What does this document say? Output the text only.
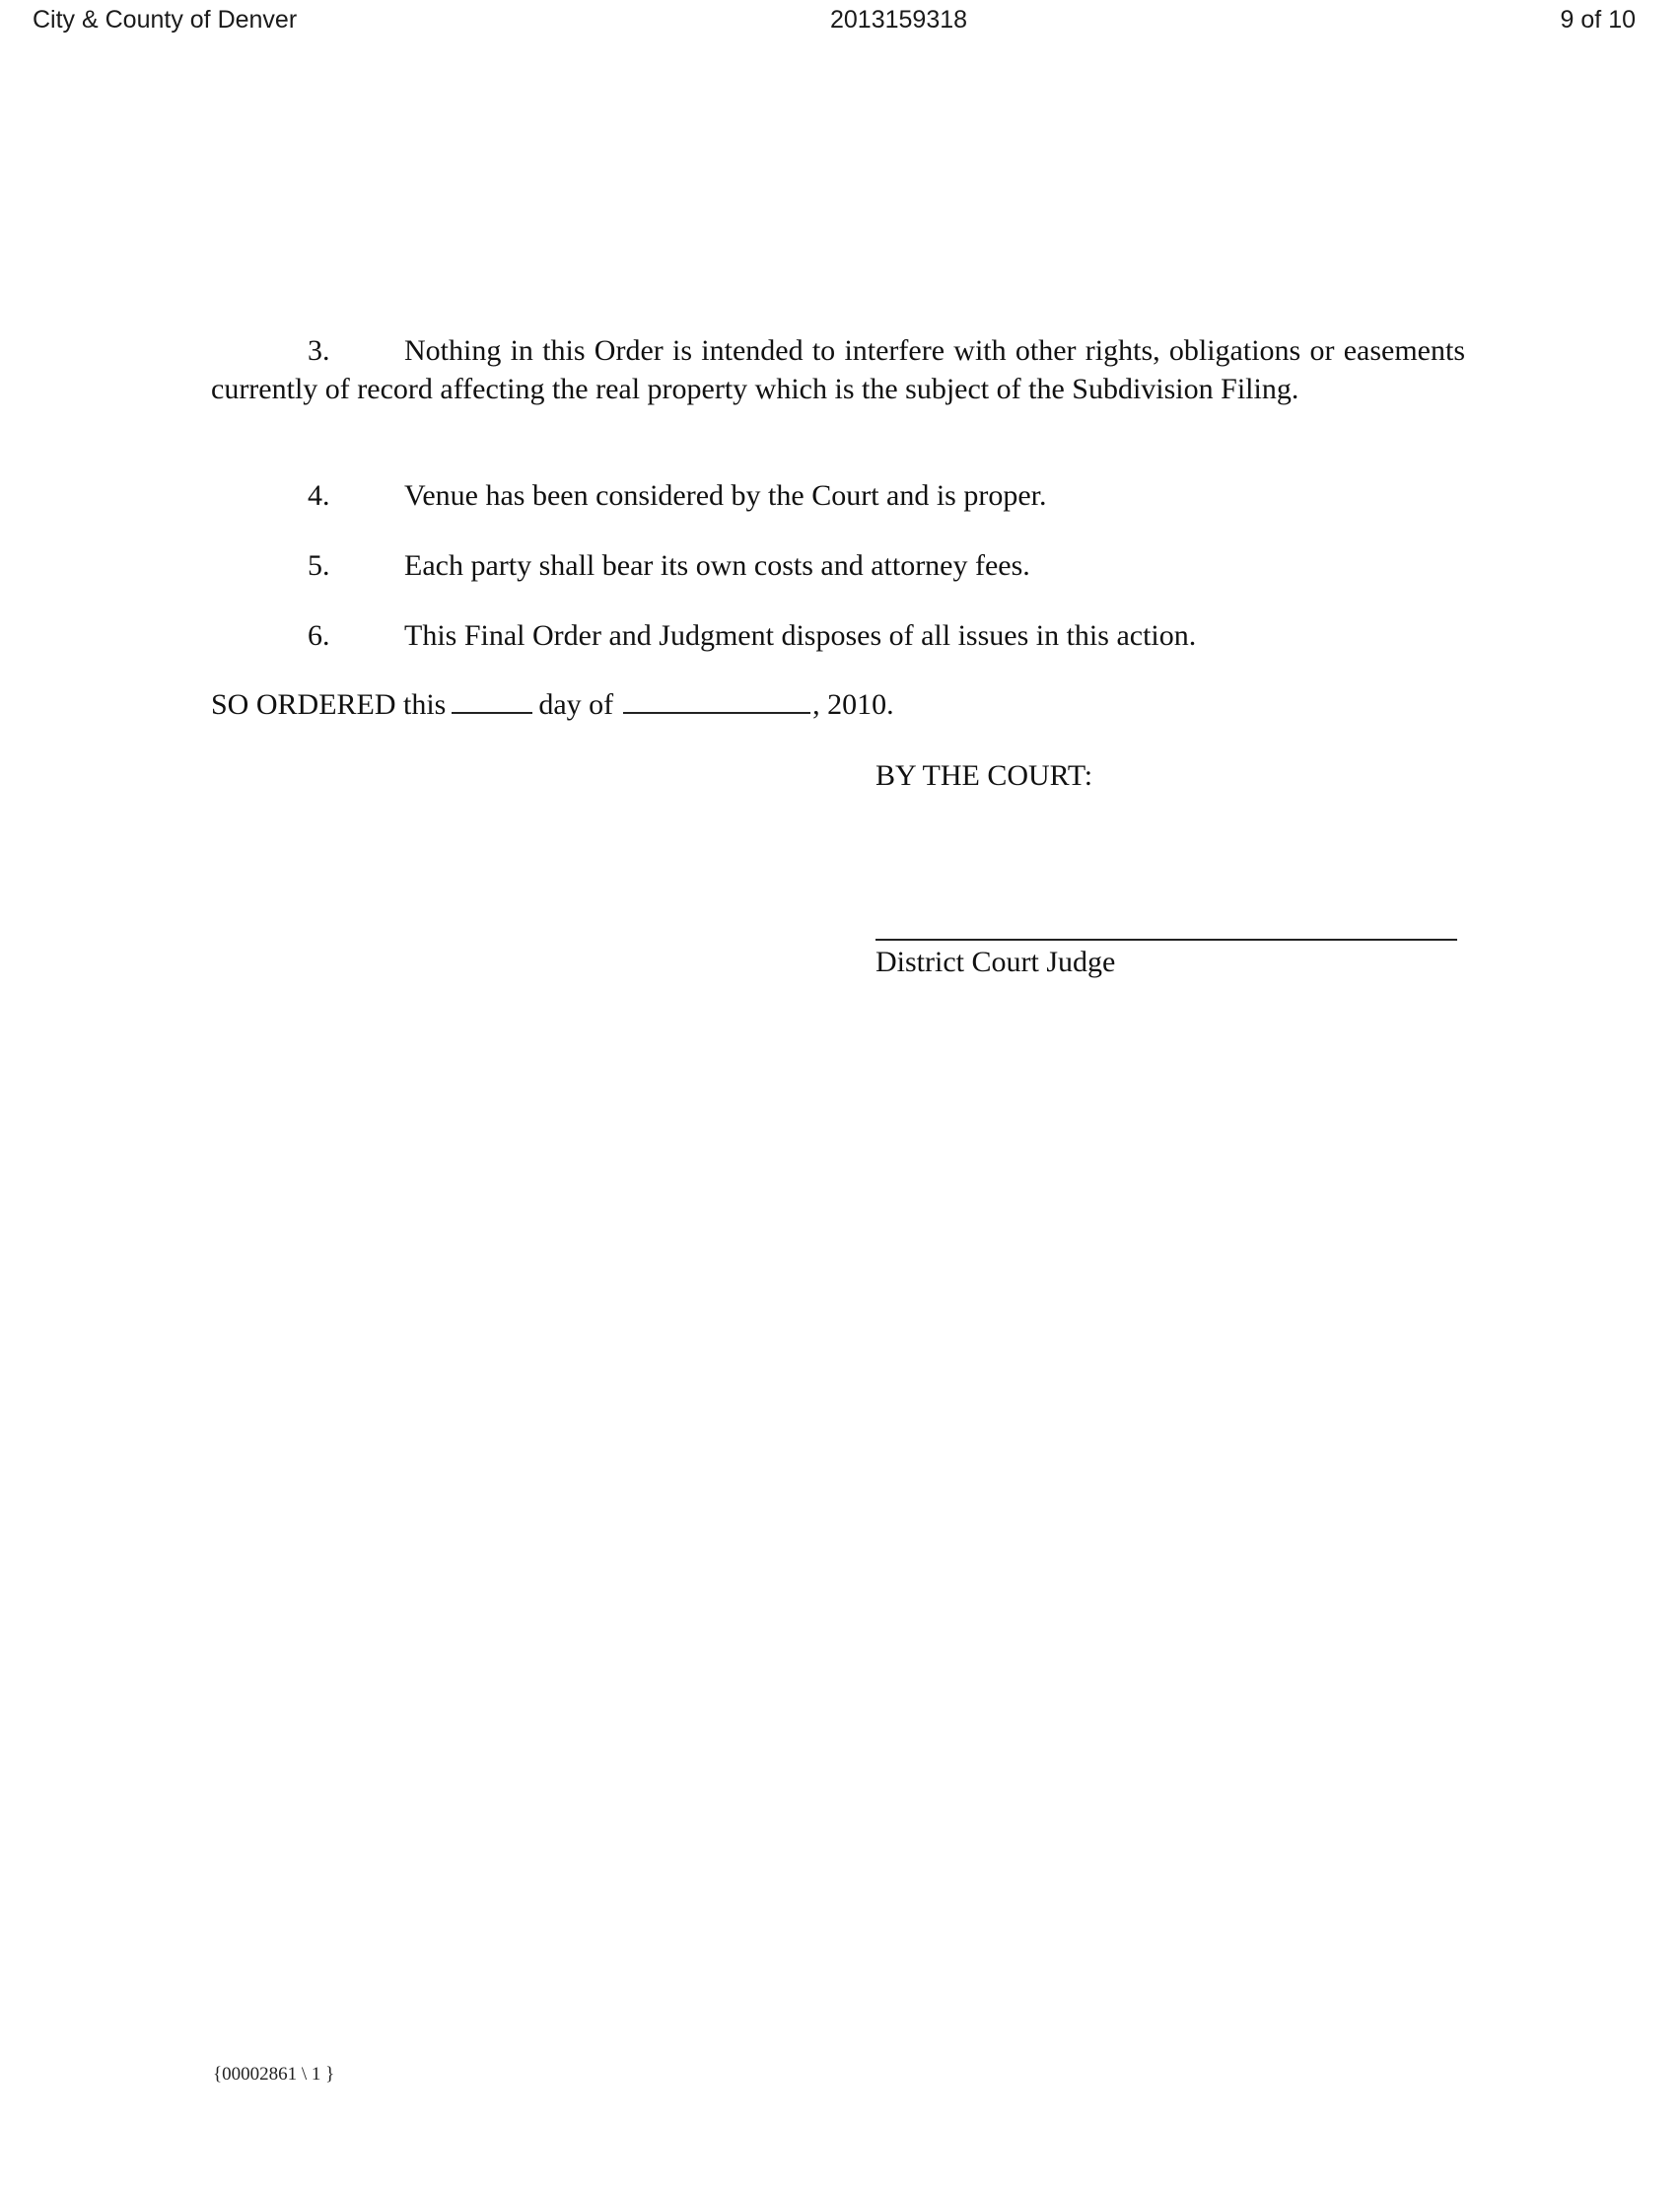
City & County of Denver	2013159318	9 of 10
3.	Nothing in this Order is intended to interfere with other rights, obligations or easements currently of record affecting the real property which is the subject of the Subdivision Filing.
4.	Venue has been considered by the Court and is proper.
5.	Each party shall bear its own costs and attorney fees.
6.	This Final Order and Judgment disposes of all issues in this action.
SO ORDERED this	day of	, 2010.
BY THE COURT:
District Court Judge
{00002861 \ 1 }
